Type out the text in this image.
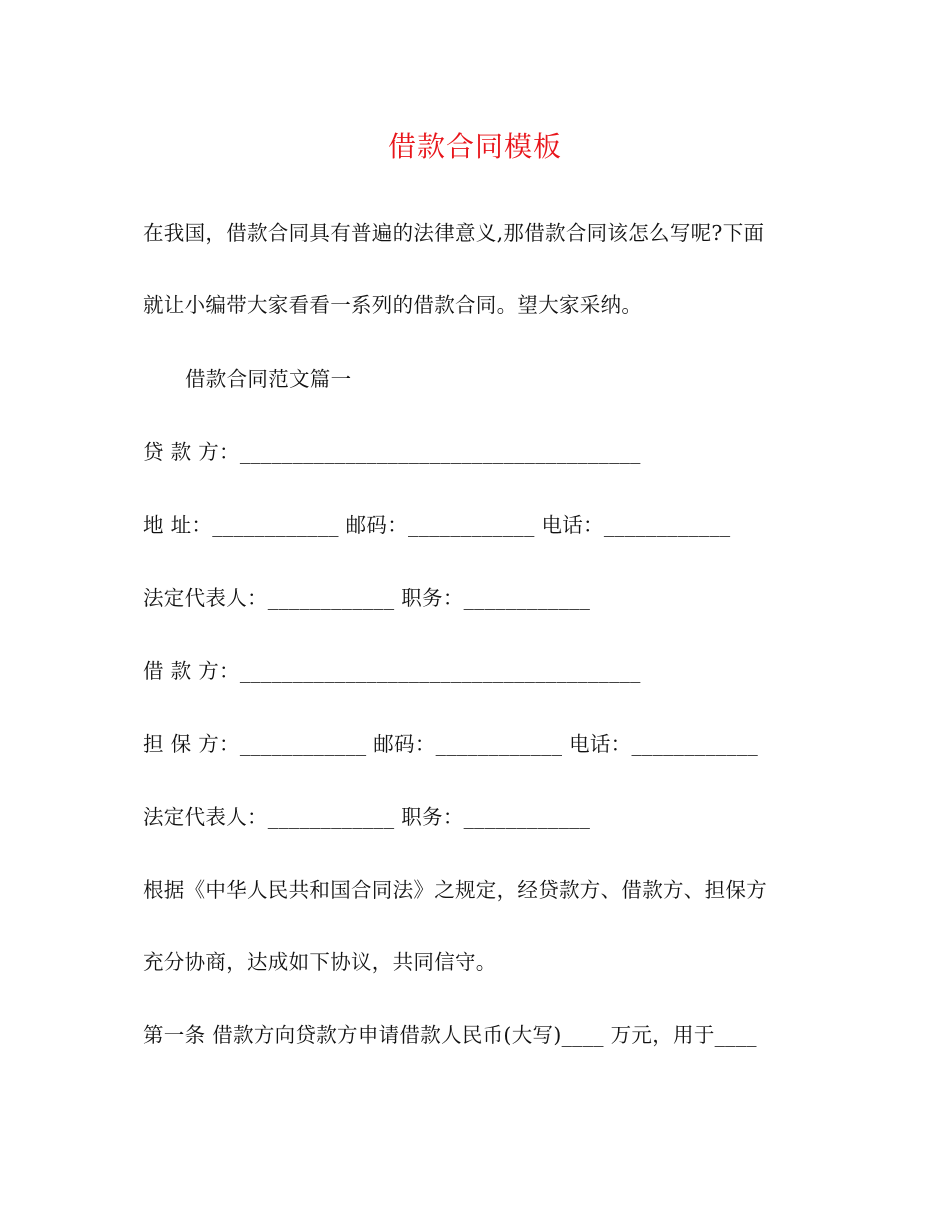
借款合同模板
在我国，借款合同具有普遍的法律意义,那借款合同该怎么写呢?下面
就让小编带大家看看一系列的借款合同。望大家采纳。
借款合同范文篇一
贷 款 方：______________________________________
地 址：____________ 邮码：____________ 电话：____________
法定代表人：____________ 职务：____________
借 款 方：______________________________________
担 保 方：____________ 邮码：____________ 电话：____________
法定代表人：____________ 职务：____________
根据《中华人民共和国合同法》之规定，经贷款方、借款方、担保方
充分协商，达成如下协议，共同信守。
第一条 借款方向贷款方申请借款人民币(大写)____ 万元，用于____
